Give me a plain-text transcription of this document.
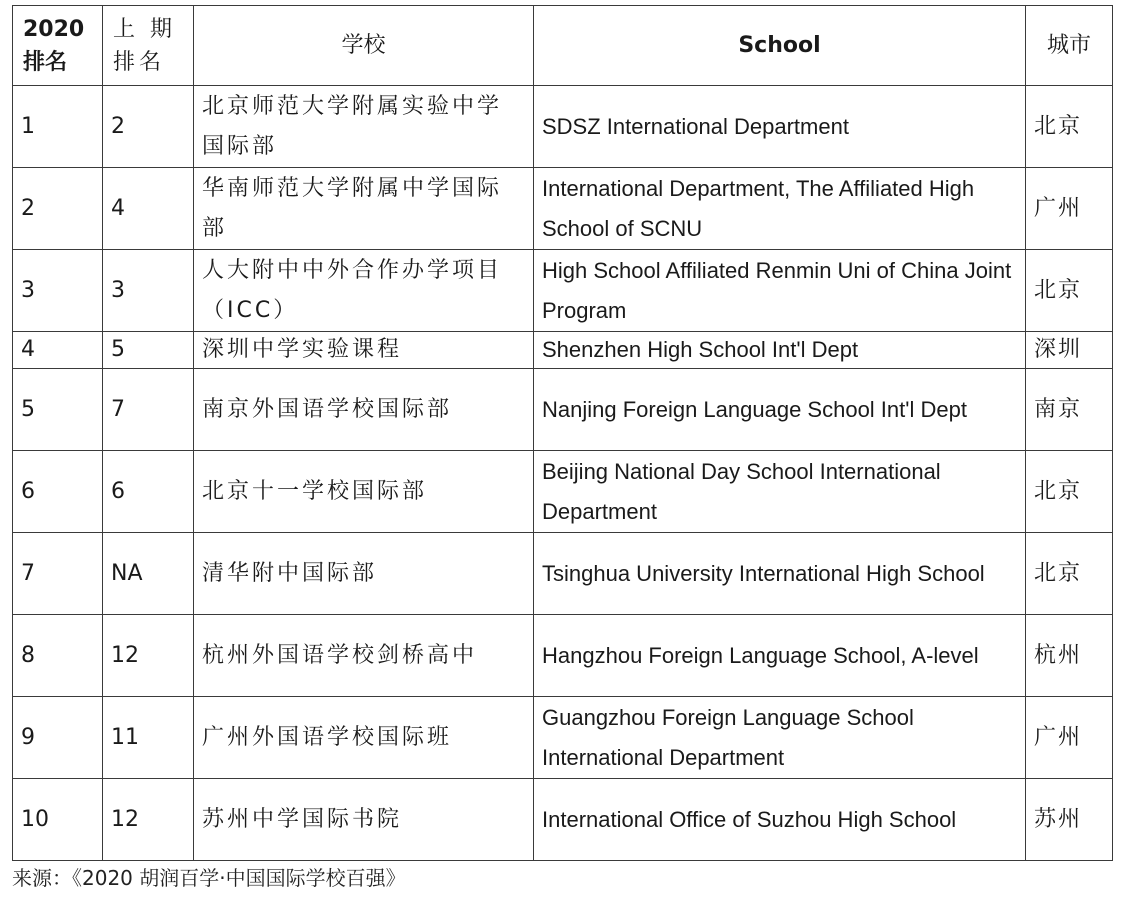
2020 排名	上 期 排名	学校	School	城市
1	2	北京师范大学附属实验中学国际部	SDSZ International Department	北京
2	4	华南师范大学附属中学国际部	International Department, The Affiliated High School of SCNU	广州
3	3	人大附中中外合作办学项目（ICC）	High School Affiliated Renmin Uni of China Joint Program	北京
4	5	深圳中学实验课程	Shenzhen High School Int'l Dept	深圳
5	7	南京外国语学校国际部	Nanjing Foreign Language School Int'l Dept	南京
6	6	北京十一学校国际部	Beijing National Day School International Department	北京
7	NA	清华附中国际部	Tsinghua University International High School	北京
8	12	杭州外国语学校剑桥高中	Hangzhou Foreign Language School, A-level	杭州
9	11	广州外国语学校国际班	Guangzhou Foreign Language School International Department	广州
10	12	苏州中学国际书院	International Office of Suzhou High School	苏州
来源：《2020 胡润百学·中国国际学校百强》
